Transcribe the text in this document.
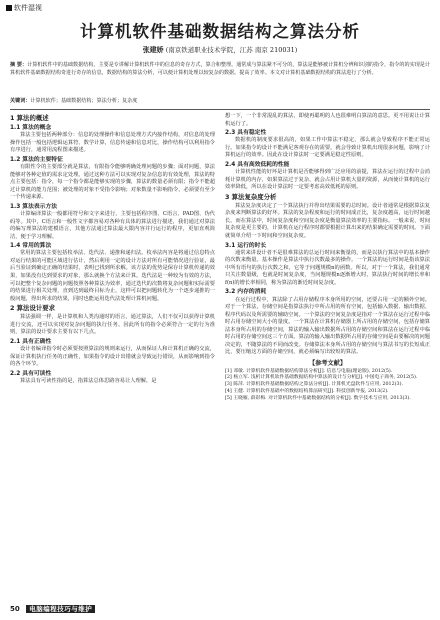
软件湿视
计算机软件基础数据结构之算法分析
张建娇 (南京铁道职业技术学院，江苏 南京 210031)
摘 要：计算机软件中的基础数据结构，主要是专讲解计算机软件中的信息的奇存方式，算合和整理。通常成与算法紧不可分的，算法是能够被计算机分辨和识别的指令，指令的的实现是计算机软件基础数据结构奇进行奇存的信息，数据结构的算法分析，可以便计算机处理以较复杂的数据。提高了效率。本文对计算机基础数据结构的算法进行了分析。
关键词：计算机软件；基础数据结构；算法分析；复杂度
1 算法的概述
1.1 算法的概念

算法主要包括两种部分：信息的处理操作和信息处理方式内接作结构，对信息的处理操作包括一般包括逻辑运算符、数学计算，信息传递和信息对比，操作结构可以利用指令有序进行，通常用流程图来描述。

1.2 算法的主要特征

有限性令的主要部分就是算法，有限指令能够明确处理问题的步骤；面对问题，算法能够对各种定值的需求定处理。通过这种方法可以实现对复杂信息的有效处理，算法的特点主要包括：指令，每一个指令都是能够实现的步骤，算法的数量必须有限；指令不能超过计算机的能力范围；被处理的对象不受指令影响；对象数量不影响指令，必须要有至少一个传递来源。

1.3 算法表示方法

计算编译算法一般都用符号和文字来进行，主要包括程序图、C语言、PAD图、伪代码等。其中，C语言和一般性文字都容易对各种有具体的算法进行描述，我们通过对算法的编写理算法的建模语言，其他方法通过算法最大限内容并行运行的程序，更加直观简洁，便于学习理解。

1.4 常用的算法

常用的算法主要包括枚举法、迭代法、递推和递归法。枚举法内容是将通过信息特点对运行结果的可能区域进行估计，然后利用一定的设计方法对所有可能情况进行验证，最后当验证到确定正确的结果时，表明已找到所求解。该方法的优势是保存计算机传递的效果，如果没有达到要求的对象，那么就换个方法来计算。迭代法是一种较为有效的方法，可以把整个复杂问题的问题按照各种算法为效率，通过迭代的次数将复杂问题和实际需要的结果进行相关处理，直到达到最终目标为止，这样可以把问题转化为一个逐步递推的一般问题，得出所求的结果，同时也能运用迭代法处理计算机问题。

2 算法设计要求

算法强调一样，是计算机和人类沟通时的语言，通过算法，人们不仅可以获得计算机进行交流，还可以实现对复杂问题的执行任务。因此所有的指令必须符合一定的行为准则，算法的设计要求主要有以下几点。

2.1 具有正确性

设计者编译指令时必须要按照算法的规则来运行，从而保证人和计算机正确的交流，保证计算机执行任务的正确性，如果指令的设计出错就会导致运行错误，从而影响到指令的各个环节。

2.2 具有可读性

算法具有可读性指的是，指算法总体思路容易让人理解，是

想一下，一个非常混乱的算法，即使再聪明的人也很难明白算法的意思。更不用说让计算机运行了。

2.3 具有稳定性

数据机的制度要求很高的，如果工作中算法不稳定，那么就会导致程序不能正常运行。如果指令的设计不能满足客观存在的需要，就会导致计算机出现很多问题，影响了计算机运行的效率。因此在设计算法时一定要满足稳定性原则。

2.4 具有高效低耗的性能

计算机性能的好坏是计算机是否能够得到广泛应用的前提，算法在运行的过程中会消耗计算机的内存，如果算法过于复杂，就会占用计算机大量的资源，从而使计算机的运行效率降低，所以在设计算法时一定要考虑高效低耗的原则。

3 算法复杂度分析

算法复杂度决定了一个算法执行并得出结果需要的总时间。设计者通常是根据算法复杂度来判断算法的好坏。算法的复杂程度和运行的时间成正比，复杂度越高，运行时间越长。而在算法中，时间复杂度和空间复杂度是衡量算法效率的主要指标。一般来说，时间复杂度是更主要的，计算机在运行程序时都要根据计算出来的结果确定需要的时间。下面就简单介绍一下时间和空间复杂度。

3.1 运行的时长

通常来讲设计者不是很难算法的总运行时间来衡量的，而是以执行算法中的基本操作的次数来衡量。基本操作是算法中执行次数最多的操作。一个算法的运行时间是指该算法中所有语句的执行次数之和，它等于问题规模n的函数。所以，对于一个算法，我们通常只关注数量级，也就是时间复杂度，当问题规模n逐渐增大时，算法执行时间的增长率和f(n)的增长率相同，称为算法的渐近时间复杂度。

3.2 内存的消耗

在运行过程中，算法除了占用存储程序本身所用的空间，还要占用一定的额外空间。对于一个算法，存储空间是指算法执行中所占用的所有空间，包括输入数据、输出数据、程序代码以及所需要的辅助空间。一个算法的空间复杂度是指对一个算法在运行过程中临时占用存储空间大小的量度。一个算法在计算机存储器上所占用的存储空间，包括存储算法本身所占用的存储空间，算法的输入输出数据所占用的存储空间和算法在运行过程中临时占用的存储空间这三个方面。算法的输入输出数据所占用的存储空间是由要解决的问题决定的，不随算法的不同而改变。存储算法本身所占用的存储空间与算法书写的长短成正比，要压缩这方面的存储空间，就必须编写出较短的算法。

【参考文献】

[1] 邓敏. 计算机软件基础数据结构算法分析[J]. 信息与电脑(理论版), 2012(5).

[2] 杨立军. 浅析计算机软件基础数据结构中算法的设计与分析[J]. 中国电子商务, 2012(5).

[3] 陈萍. 计算机软件基础数据结构之算法分析[J]. 计算机光盘软件与应用, 2012(3).

[4] 王健. 计算机软件基础中的数据结构算法研究[J]. 科技创新导报, 2013(2).

[5] 王晓雁, 薛彩梅. 对计算机软件中基础数据结构的分析[J]. 数字技术与应用, 2013(3).

50 电脑编程技巧与维护
